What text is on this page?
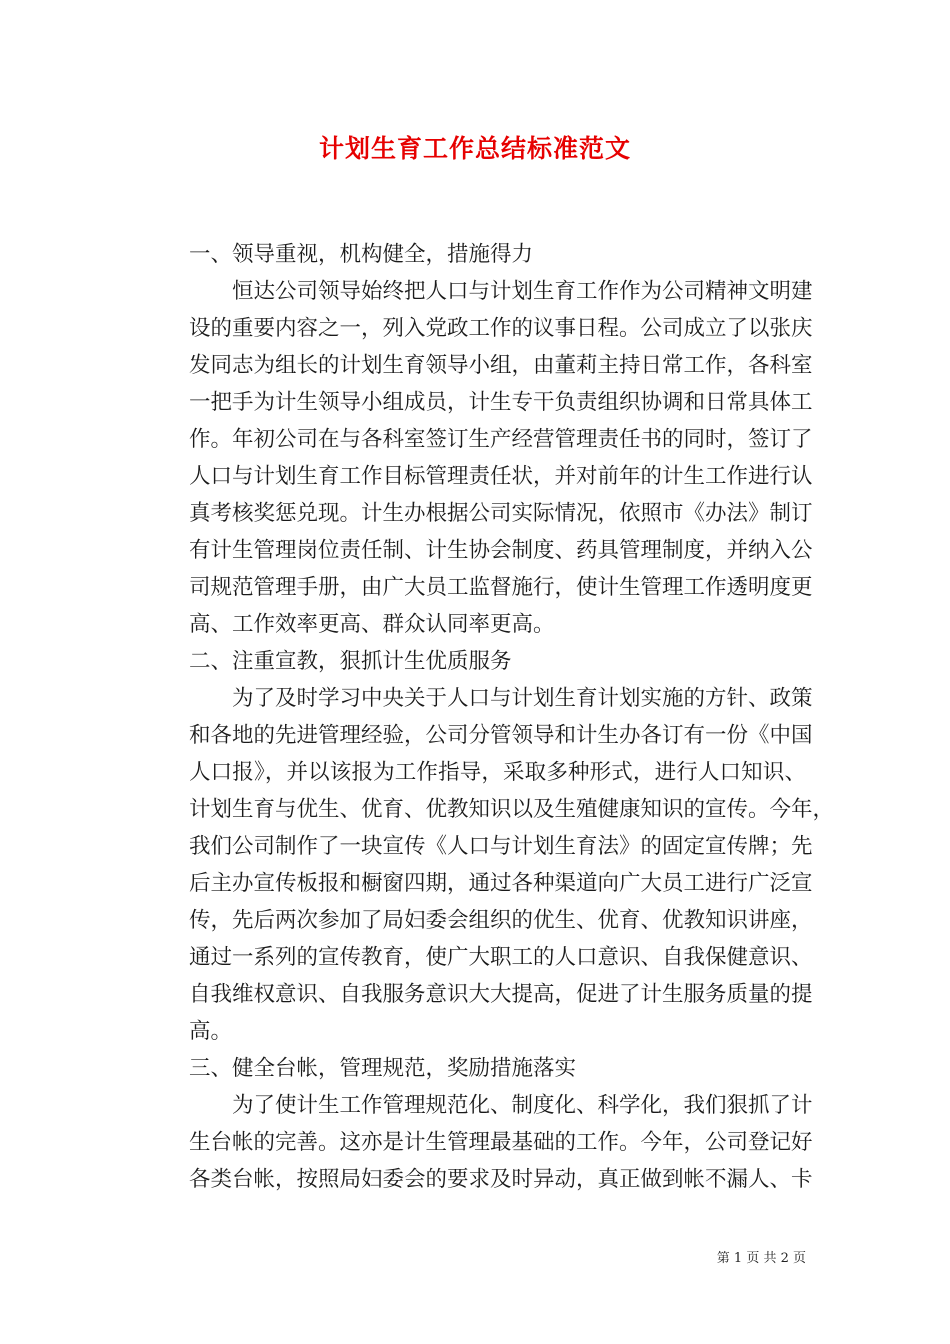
计划生育工作总结标准范文

一、领导重视，机构健全，措施得力

恒达公司领导始终把人口与计划生育工作作为公司精神文明建
设的重要内容之一，列入党政工作的议事日程。公司成立了以张庆
发同志为组长的计划生育领导小组，由董莉主持日常工作，各科室
一把手为计生领导小组成员，计生专干负责组织协调和日常具体工
作。年初公司在与各科室签订生产经营管理责任书的同时，签订了
人口与计划生育工作目标管理责任状，并对前年的计生工作进行认
真考核奖惩兑现。计生办根据公司实际情况，依照市《办法》制订
有计生管理岗位责任制、计生协会制度、药具管理制度，并纳入公
司规范管理手册，由广大员工监督施行，使计生管理工作透明度更
高、工作效率更高、群众认同率更高。

二、注重宣教，狠抓计生优质服务

为了及时学习中央关于人口与计划生育计划实施的方针、政策
和各地的先进管理经验，公司分管领导和计生办各订有一份《中国
人口报》，并以该报为工作指导，采取多种形式，进行人口知识、
计划生育与优生、优育、优教知识以及生殖健康知识的宣传。今年，
我们公司制作了一块宣传《人口与计划生育法》的固定宣传牌；先
后主办宣传板报和橱窗四期，通过各种渠道向广大员工进行广泛宣
传，先后两次参加了局妇委会组织的优生、优育、优教知识讲座，
通过一系列的宣传教育，使广大职工的人口意识、自我保健意识、
自我维权意识、自我服务意识大大提高，促进了计生服务质量的提
高。

三、健全台帐，管理规范，奖励措施落实

为了使计生工作管理规范化、制度化、科学化，我们狠抓了计
生台帐的完善。这亦是计生管理最基础的工作。今年，公司登记好
各类台帐，按照局妇委会的要求及时异动，真正做到帐不漏人、卡
第 1 页 共 2 页
